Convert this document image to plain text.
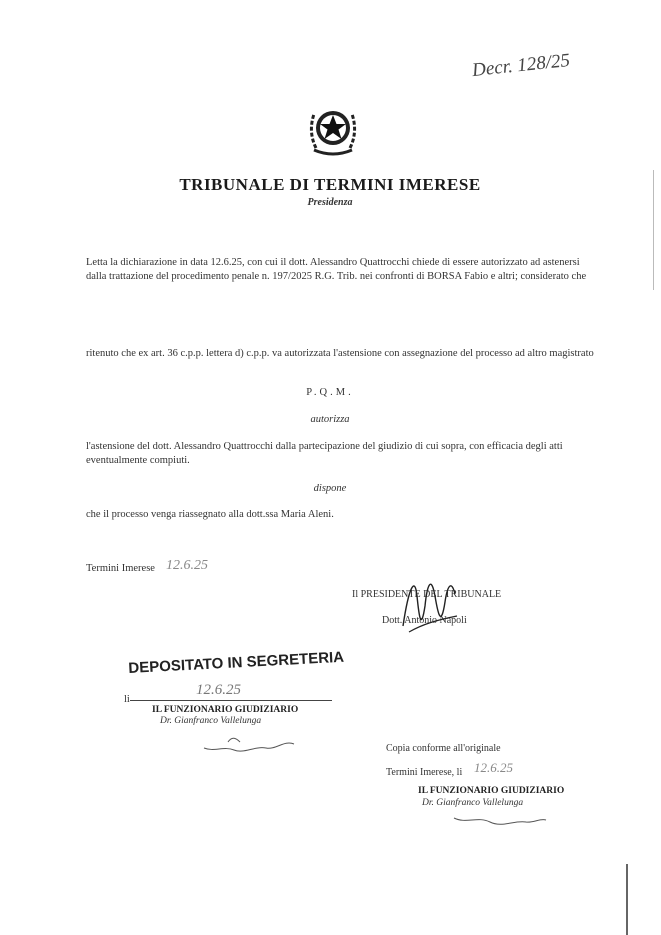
Decr. 128/25
TRIBUNALE DI TERMINI IMERESE
Presidenza
Letta la dichiarazione in data 12.6.25, con cui il dott. Alessandro Quattrocchi chiede di essere autorizzato ad astenersi dalla trattazione del procedimento penale n. 197/2025 R.G. Trib. nei confronti di BORSA Fabio e altri; considerato che
ritenuto che ex art. 36 c.p.p. lettera d) c.p.p. va autorizzata l'astensione con assegnazione del processo ad altro magistrato
P.Q.M.
autorizza
l'astensione del dott. Alessandro Quattrocchi dalla partecipazione del giudizio di cui sopra, con efficacia degli atti eventualmente compiuti.
dispone
che il processo venga riassegnato alla dott.ssa Maria Aleni.
Termini Imerese 12.6.25
Il PRESIDENTE DEL TRIBUNALE
Dott. Antonio Napoli
DEPOSITATO IN SEGRETERIA
li
12.6.25
IL FUNZIONARIO GIUDIZIARIO
Dr. Gianfranco Vallelunga
Copia conforme all'originale
Termini Imerese, li 12.6.25
IL FUNZIONARIO GIUDIZIARIO
Dr. Gianfranco Vallelunga
